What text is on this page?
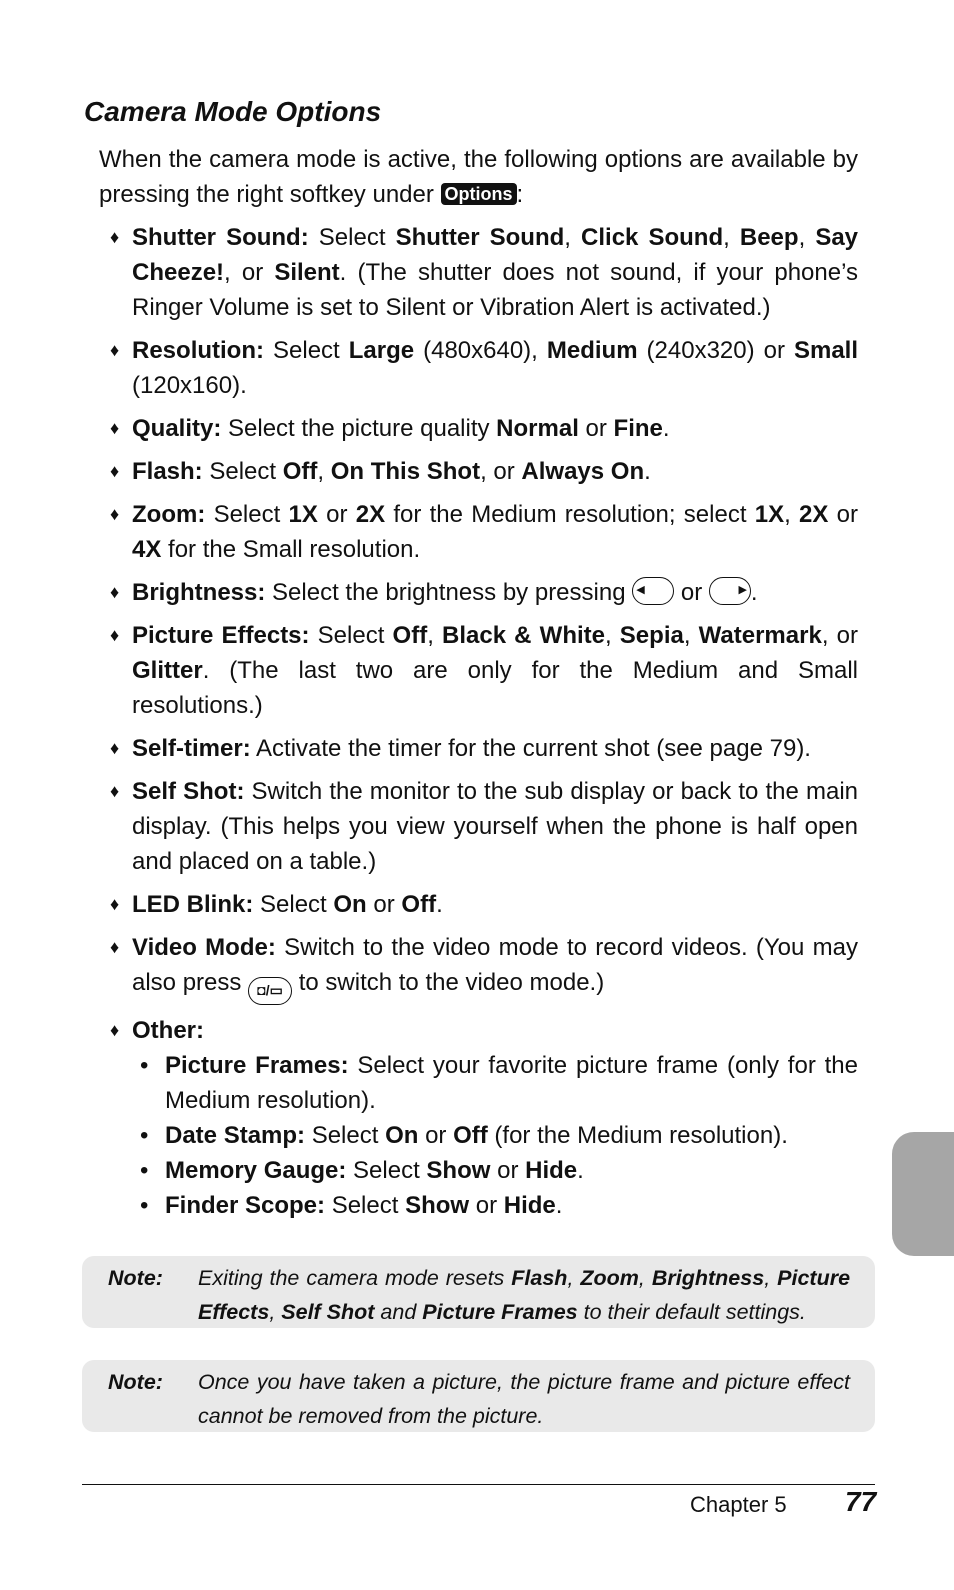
Camera Mode Options

When the camera mode is active, the following options are available by pressing the right softkey under Options :

♦ Shutter Sound: Select Shutter Sound, Click Sound, Beep, Say Cheeze!, or Silent. (The shutter does not sound, if your phone’s Ringer Volume is set to Silent or Vibration Alert is activated.)
♦ Resolution: Select Large (480x640), Medium (240x320) or Small (120x160).
♦ Quality: Select the picture quality Normal or Fine.
♦ Flash: Select Off, On This Shot, or Always On.
♦ Zoom: Select 1X or 2X for the Medium resolution; select 1X, 2X or 4X for the Small resolution.
♦ Brightness: Select the brightness by pressing ◀ or	▶ .
♦ Picture Effects: Select Off, Black & White, Sepia, Watermark, or Glitter. (The last two are only for the Medium and Small resolutions.)
♦ Self-timer: Activate the timer for the current shot (see page 79).
♦ Self Shot: Switch the monitor to the sub display or back to the main display. (This helps you view yourself when the phone is half open and placed on a table.)
♦ LED Blink: Select On or Off.
♦ Video Mode: Switch to the video mode to record videos. (You may also press ◘/▭ to switch to the video mode.)
♦ Other:
• Picture Frames: Select your favorite picture frame (only for the Medium resolution).
• Date Stamp: Select On or Off (for the Medium resolution).
• Memory Gauge: Select Show or Hide.
• Finder Scope: Select Show or Hide.
Note: Exiting the camera mode resets Flash, Zoom, Brightness, Picture Effects, Self Shot and Picture Frames to their default settings.
Note: Once you have taken a picture, the picture frame and picture effect cannot be removed from the picture.
Chapter 5 77
